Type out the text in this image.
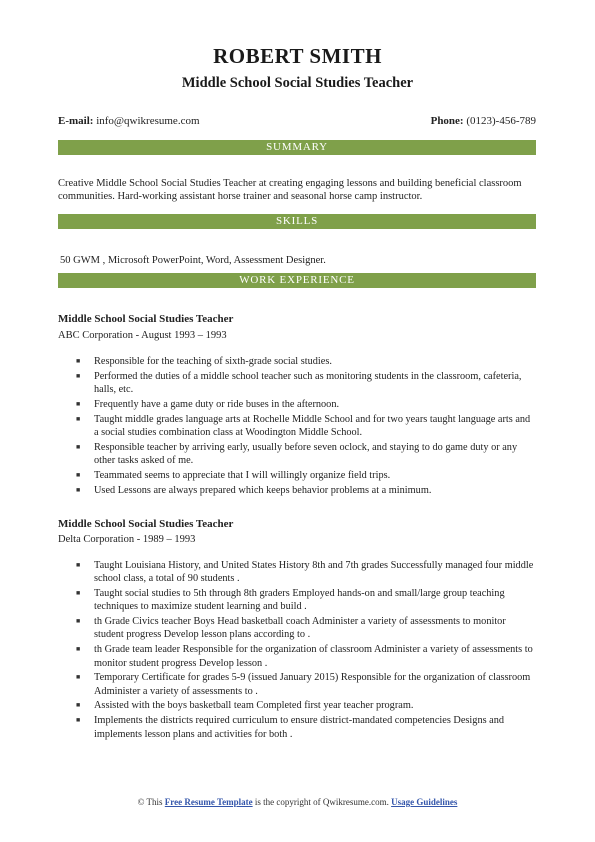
ROBERT SMITH
Middle School Social Studies Teacher
E-mail: info@qwikresume.com	Phone: (0123)-456-789
SUMMARY
Creative Middle School Social Studies Teacher at creating engaging lessons and building beneficial classroom communities. Hard-working assistant horse trainer and seasonal horse camp instructor.
SKILLS
50 GWM , Microsoft PowerPoint, Word, Assessment Designer.
WORK EXPERIENCE
Middle School Social Studies Teacher
ABC Corporation - August 1993 – 1993
■ Responsible for the teaching of sixth-grade social studies.
■ Performed the duties of a middle school teacher such as monitoring students in the classroom, cafeteria, halls, etc.
■ Frequently have a game duty or ride buses in the afternoon.
■ Taught middle grades language arts at Rochelle Middle School and for two years taught language arts and a social studies combination class at Woodington Middle School.
■ Responsible teacher by arriving early, usually before seven oclock, and staying to do game duty or any other tasks asked of me.
■ Teammated seems to appreciate that I will willingly organize field trips.
■ Used Lessons are always prepared which keeps behavior problems at a minimum.
Middle School Social Studies Teacher
Delta Corporation - 1989 – 1993
■ Taught Louisiana History, and United States History 8th and 7th grades Successfully managed four middle school class, a total of 90 students .
■ Taught social studies to 5th through 8th graders Employed hands-on and small/large group teaching techniques to maximize student learning and build .
■ th Grade Civics teacher Boys Head basketball coach Administer a variety of assessments to monitor student progress Develop lesson plans according to .
■ th Grade team leader Responsible for the organization of classroom Administer a variety of assessments to monitor student progress Develop lesson .
■ Temporary Certificate for grades 5-9 (issued January 2015) Responsible for the organization of classroom Administer a variety of assessments to .
■ Assisted with the boys basketball team Completed first year teacher program.
■ Implements the districts required curriculum to ensure district-mandated competencies Designs and implements lesson plans and activities for both .
© This Free Resume Template is the copyright of Qwikresume.com. Usage Guidelines
